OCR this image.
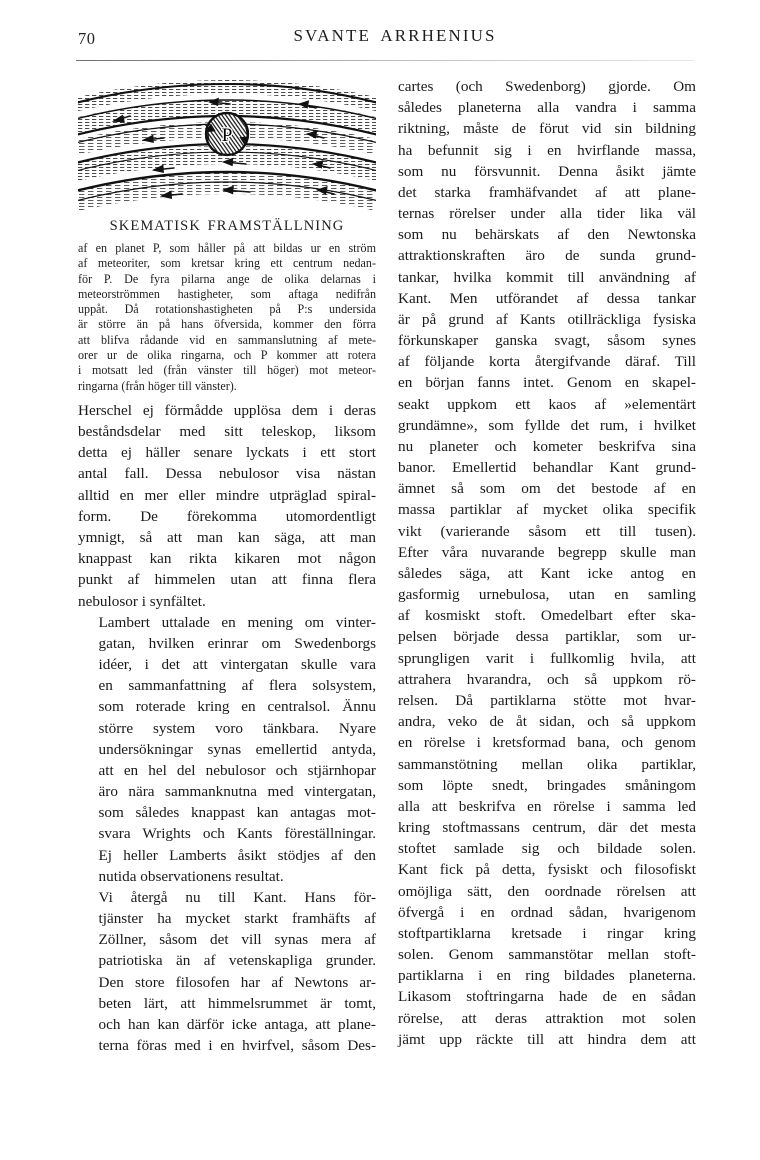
70	SVANTE ARRHENIUS
P
SKEMATISK FRAMSTÄLLNING
af en planet P, som håller på att bildas ur en ström
af meteoriter, som kretsar kring ett centrum nedan-
för P. De fyra pilarna ange de olika delarnas i
meteorströmmen hastigheter, som aftaga nedifrån
uppåt. Då rotationshastigheten på P:s undersida
är större än på hans öfversida, kommer den förra
att blifva rådande vid en sammanslutning af mete-
orer ur de olika ringarna, och P kommer att rotera
i motsatt led (från vänster till höger) mot meteor-
ringarna (från höger till vänster).

Herschel ej förmådde upplösa dem i deras
beståndsdelar med sitt teleskop, liksom
detta ej häller senare lyckats i ett stort
antal fall. Dessa nebulosor visa nästan
alltid en mer eller mindre utpräglad spiral-
form. De förekomma utomordentligt
ymnigt, så att man kan säga, att man
knappast kan rikta kikaren mot någon
punkt af himmelen utan att finna flera
nebulosor i synfältet.

Lambert uttalade en mening om vinter-
gatan, hvilken erinrar om Swedenborgs
idéer, i det att vintergatan skulle vara
en sammanfattning af flera solsystem,
som roterade kring en centralsol. Ännu
större system voro tänkbara. Nyare
undersökningar synas emellertid antyda,
att en hel del nebulosor och stjärnhopar
äro nära sammanknutna med vintergatan,
som således knappast kan antagas mot-
svara Wrights och Kants föreställningar.
Ej heller Lamberts åsikt stödjes af den
nutida observationens resultat.

Vi återgå nu till Kant. Hans för-
tjänster ha mycket starkt framhäfts af
Zöllner, såsom det vill synas mera af
patriotiska än af vetenskapliga grunder.
Den store filosofen har af Newtons ar-
beten lärt, att himmelsrummet är tomt,
och han kan därför icke antaga, att plane-
terna föras med i en hvirfvel, såsom Des-

cartes (och Swedenborg) gjorde. Om
således planeterna alla vandra i samma
riktning, måste de förut vid sin bildning
ha befunnit sig i en hvirflande massa,
som nu försvunnit. Denna åsikt jämte
det starka framhäfvandet af att plane-
ternas rörelser under alla tider lika väl
som nu behärskats af den Newtonska
attraktionskraften äro de sunda grund-
tankar, hvilka kommit till användning af
Kant. Men utförandet af dessa tankar
är på grund af Kants otillräckliga fysiska
förkunskaper ganska svagt, såsom synes
af följande korta återgifvande däraf. Till
en början fanns intet. Genom en skapel-
seakt uppkom ett kaos af »elementärt
grundämne», som fyllde det rum, i hvilket
nu planeter och kometer beskrifva sina
banor. Emellertid behandlar Kant grund-
ämnet så som om det bestode af en
massa partiklar af mycket olika specifik
vikt (varierande såsom ett till tusen).
Efter våra nuvarande begrepp skulle man
således säga, att Kant icke antog en
gasformig urnebulosa, utan en samling
af kosmiskt stoft. Omedelbart efter ska-
pelsen började dessa partiklar, som ur-
sprungligen varit i fullkomlig hvila, att
attrahera hvarandra, och så uppkom rö-
relsen. Då partiklarna stötte mot hvar-
andra, veko de åt sidan, och så uppkom
en rörelse i kretsformad bana, och genom
sammanstötning mellan olika partiklar,
som löpte snedt, bringades småningom
alla att beskrifva en rörelse i samma led
kring stoftmassans centrum, där det mesta
stoftet samlade sig och bildade solen.
Kant fick på detta, fysiskt och filosofiskt
omöjliga sätt, den oordnade rörelsen att
öfvergå i en ordnad sådan, hvarigenom
stoftpartiklarna kretsade i ringar kring
solen. Genom sammanstötar mellan stoft-
partiklarna i en ring bildades planeterna.
Likasom stoftringarna hade de en sådan
rörelse, att deras attraktion mot solen
jämt upp räckte till att hindra dem att
